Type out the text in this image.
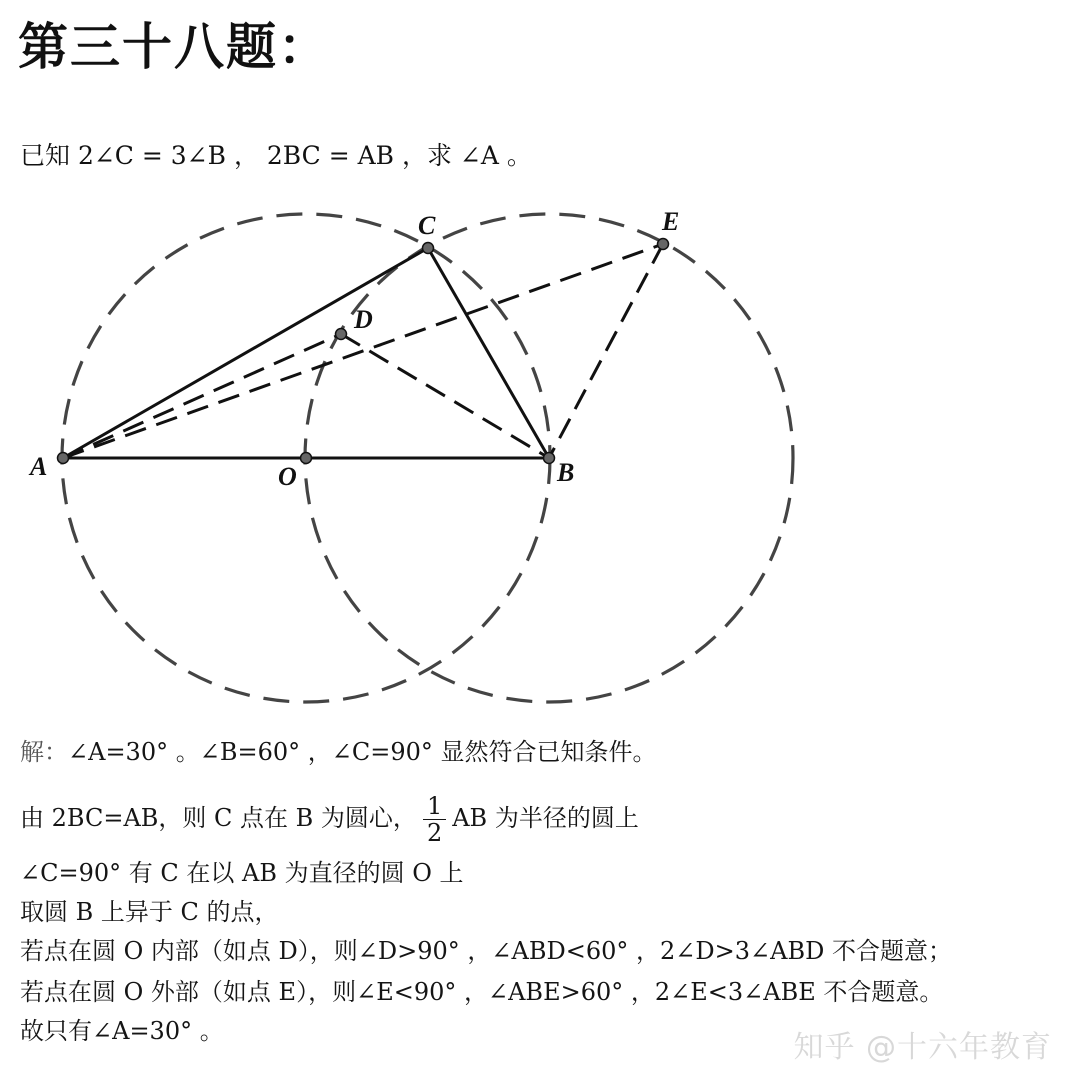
第三十八题：
已知 2∠C = 3∠B ， 2BC = AB ，求 ∠A 。
A	O	B
C
D
E
解：∠A=30° 。∠B=60° ，∠C=90° 显然符合已知条件。
由 2BC=AB，则 C 点在 B 为圆心， $\frac{1}{2}$ AB 为半径的圆上
∠C=90° 有 C 在以 AB 为直径的圆 O 上
取圆 B 上异于 C 的点，
若点在圆 O 内部（如点 D），则∠D>90° ，∠ABD<60° ，2∠D>3∠ABD 不合题意；
若点在圆 O 外部（如点 E），则∠E<90° ，∠ABE>60° ，2∠E<3∠ABE 不合题意。
故只有∠A=30° 。	知乎 @十六年教育
